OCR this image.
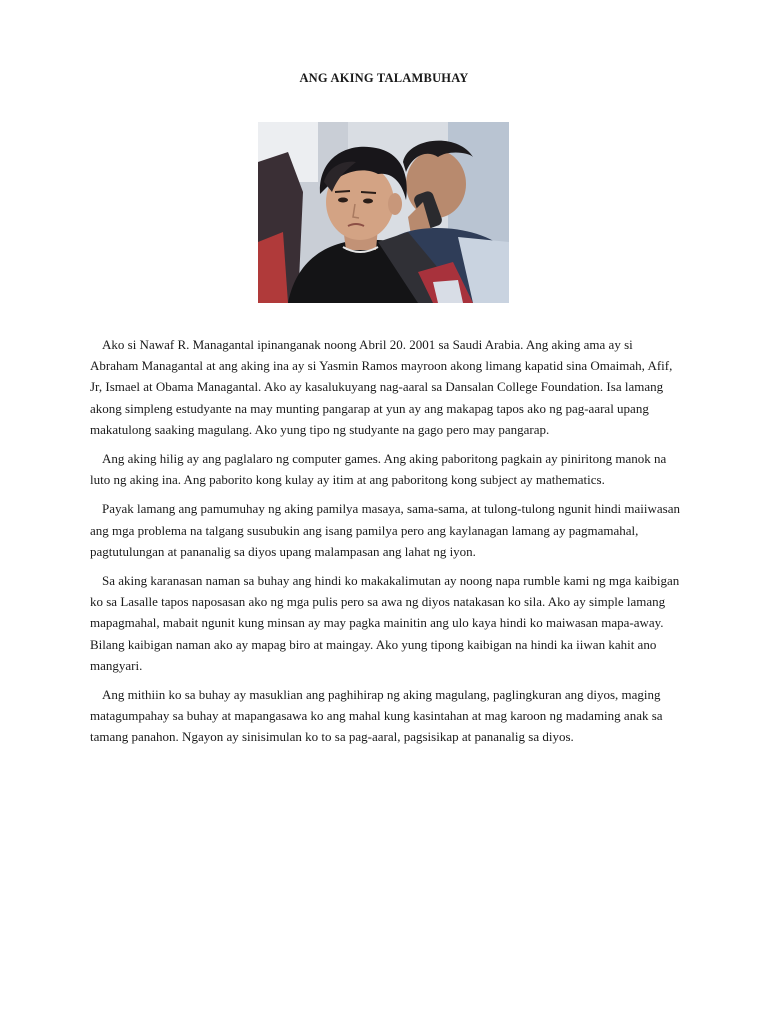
ANG AKING TALAMBUHAY

Ako si Nawaf R. Managantal ipinanganak noong Abril 20. 2001 sa Saudi Arabia. Ang aking ama ay si Abraham Managantal at ang aking ina ay si Yasmin Ramos mayroon akong limang kapatid sina Omaimah, Afif, Jr, Ismael at Obama Managantal. Ako ay kasalukuyang nag-aaral sa Dansalan College Foundation. Isa lamang akong simpleng estudyante na may munting pangarap at yun ay ang makapag tapos ako ng pag-aaral upang makatulong saaking magulang. Ako yung tipo ng studyante na gago pero may pangarap.

Ang aking hilig ay ang paglalaro ng computer games. Ang aking paboritong pagkain ay piniritong manok na luto ng aking ina. Ang paborito kong kulay ay itim at ang paboritong kong subject ay mathematics.

Payak lamang ang pamumuhay ng aking pamilya masaya, sama-sama, at tulong-tulong ngunit hindi maiiwasan ang mga problema na talgang susubukin ang isang pamilya pero ang kaylanagan lamang ay pagmamahal, pagtutulungan at pananalig sa diyos upang malampasan ang lahat ng iyon.

Sa aking karanasan naman sa buhay ang hindi ko makakalimutan ay noong napa rumble kami ng mga kaibigan ko sa Lasalle tapos naposasan ako ng mga pulis pero sa awa ng diyos natakasan ko sila. Ako ay simple lamang mapagmahal, mabait ngunit kung minsan ay may pagka mainitin ang ulo kaya hindi ko maiwasan mapa-away. Bilang kaibigan naman ako ay mapag biro at maingay. Ako yung tipong kaibigan na hindi ka iiwan kahit ano mangyari.

Ang mithiin ko sa buhay ay masuklian ang paghihirap ng aking magulang, paglingkuran ang diyos, maging matagumpahay sa buhay at mapangasawa ko ang mahal kung kasintahan at mag karoon ng madaming anak sa tamang panahon. Ngayon ay sinisimulan ko to sa pag-aaral, pagsisikap at pananalig sa diyos.
